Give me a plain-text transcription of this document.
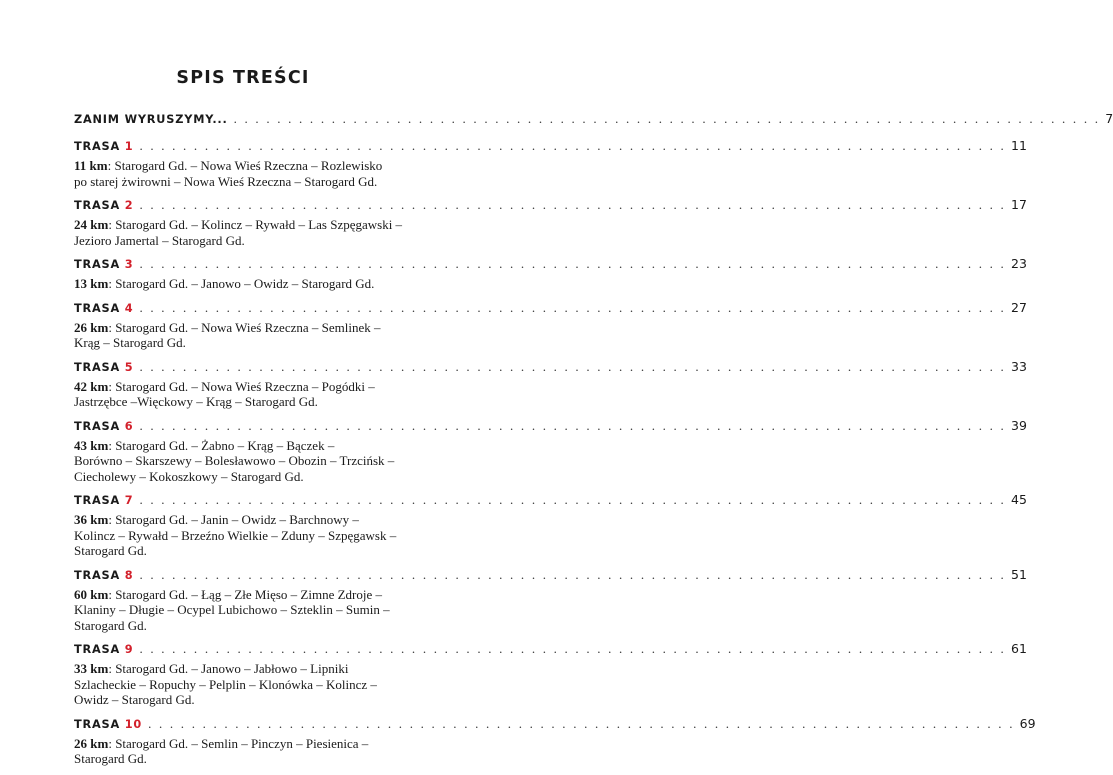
SPIS TREŚCI
ZANIM WYRUSZYMY... . . . . . . . . . . . . . . . . . . . . . . . . . . . . . . . . . . . . . . . . . . . . . . . . . . . . . . . . . . . . . . . . . . . . . . . . . . . . . . . . 7
TRASA 1 . . . . . . . . . . . . . . . . . . . . . . . . . . . . . . . . . . . . . . . . . . . . . . . . . . . . . . . . . . . . . . . . . . . . . . . . . . . . . . . . 11
11 km: Starogard Gd. – Nowa Wieś Rzeczna – Rozlewisko
po starej żwirowni – Nowa Wieś Rzeczna – Starogard Gd.
TRASA 2 . . . . . . . . . . . . . . . . . . . . . . . . . . . . . . . . . . . . . . . . . . . . . . . . . . . . . . . . . . . . . . . . . . . . . . . . . . . . . . . . 17
24 km: Starogard Gd. – Kolincz – Rywałd – Las Szpęgawski –
Jezioro Jamertal – Starogard Gd.
TRASA 3 . . . . . . . . . . . . . . . . . . . . . . . . . . . . . . . . . . . . . . . . . . . . . . . . . . . . . . . . . . . . . . . . . . . . . . . . . . . . . . . . 23
13 km: Starogard Gd. – Janowo – Owidz – Starogard Gd.
TRASA 4 . . . . . . . . . . . . . . . . . . . . . . . . . . . . . . . . . . . . . . . . . . . . . . . . . . . . . . . . . . . . . . . . . . . . . . . . . . . . . . . . 27
26 km: Starogard Gd. – Nowa Wieś Rzeczna – Semlinek –
Krąg – Starogard Gd.
TRASA 5 . . . . . . . . . . . . . . . . . . . . . . . . . . . . . . . . . . . . . . . . . . . . . . . . . . . . . . . . . . . . . . . . . . . . . . . . . . . . . . . . 33
42 km: Starogard Gd. – Nowa Wieś Rzeczna – Pogódki –
Jastrzębce –Więckowy – Krąg – Starogard Gd.
TRASA 6 . . . . . . . . . . . . . . . . . . . . . . . . . . . . . . . . . . . . . . . . . . . . . . . . . . . . . . . . . . . . . . . . . . . . . . . . . . . . . . . . 39
43 km: Starogard Gd. – Żabno – Krąg – Bączek –
Borówno – Skarszewy – Bolesławowo – Obozin – Trzcińsk –
Ciecholewy – Kokoszkowy – Starogard Gd.
TRASA 7 . . . . . . . . . . . . . . . . . . . . . . . . . . . . . . . . . . . . . . . . . . . . . . . . . . . . . . . . . . . . . . . . . . . . . . . . . . . . . . . . 45
36 km: Starogard Gd. – Janin – Owidz – Barchnowy –
Kolincz – Rywałd – Brzeźno Wielkie – Zduny – Szpęgawsk –
Starogard Gd.
TRASA 8 . . . . . . . . . . . . . . . . . . . . . . . . . . . . . . . . . . . . . . . . . . . . . . . . . . . . . . . . . . . . . . . . . . . . . . . . . . . . . . . . 51
60 km: Starogard Gd. – Łąg – Złe Mięso – Zimne Zdroje –
Klaniny – Długie – Ocypel Lubichowo – Szteklin – Sumin –
Starogard Gd.
TRASA 9 . . . . . . . . . . . . . . . . . . . . . . . . . . . . . . . . . . . . . . . . . . . . . . . . . . . . . . . . . . . . . . . . . . . . . . . . . . . . . . . . 61
33 km: Starogard Gd. – Janowo – Jabłowo – Lipniki
Szlacheckie – Ropuchy – Pelplin – Klonówka – Kolincz –
Owidz – Starogard Gd.
TRASA 10 . . . . . . . . . . . . . . . . . . . . . . . . . . . . . . . . . . . . . . . . . . . . . . . . . . . . . . . . . . . . . . . . . . . . . . . . . . . . . . . . 69
26 km: Starogard Gd. – Semlin – Pinczyn – Piesienica –
Starogard Gd.
